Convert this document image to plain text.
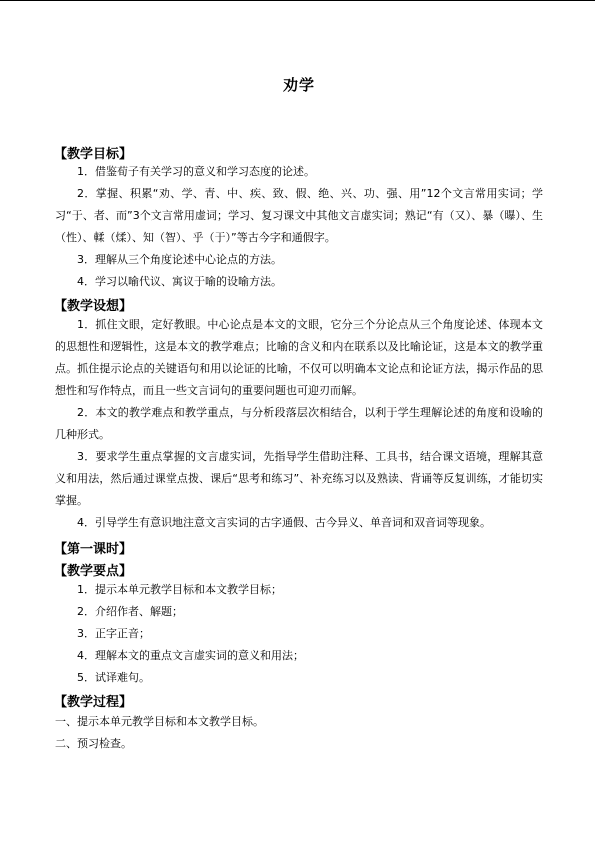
劝学
【教学目标】
1．借鉴荀子有关学习的意义和学习态度的论述。
2．掌握、积累“劝、学、青、中、疾、致、假、绝、兴、功、强、用”12个文言常用实词；学习“于、者、而”3个文言常用虚词；学习、复习课文中其他文言虚实词；熟记“有（又）、暴（曝）、生（性）、輮（煣）、知（智）、乎（于）”等古今字和通假字。
3．理解从三个角度论述中心论点的方法。
4．学习以喻代议、寓议于喻的设喻方法。
【教学设想】
1．抓住文眼，定好教眼。中心论点是本文的文眼，它分三个分论点从三个角度论述、体现本文的思想性和逻辑性，这是本文的教学难点；比喻的含义和内在联系以及比喻论证，这是本文的教学重点。抓住提示论点的关键语句和用以论证的比喻，不仅可以明确本文论点和论证方法，揭示作品的思想性和写作特点，而且一些文言词句的重要问题也可迎刃而解。
2．本文的教学难点和教学重点，与分析段落层次相结合，以利于学生理解论述的角度和设喻的几种形式。
3．要求学生重点掌握的文言虚实词，先指导学生借助注释、工具书，结合课文语境，理解其意义和用法，然后通过课堂点拨、课后“思考和练习”、补充练习以及熟读、背诵等反复训练，才能切实掌握。
4．引导学生有意识地注意文言实词的古字通假、古今异义、单音词和双音词等现象。
【第一课时】
【教学要点】
1．提示本单元教学目标和本文教学目标；
2．介绍作者、解题；
3．正字正音；
4．理解本文的重点文言虚实词的意义和用法；
5．试译难句。
【教学过程】
一、提示本单元教学目标和本文教学目标。
二、预习检查。
